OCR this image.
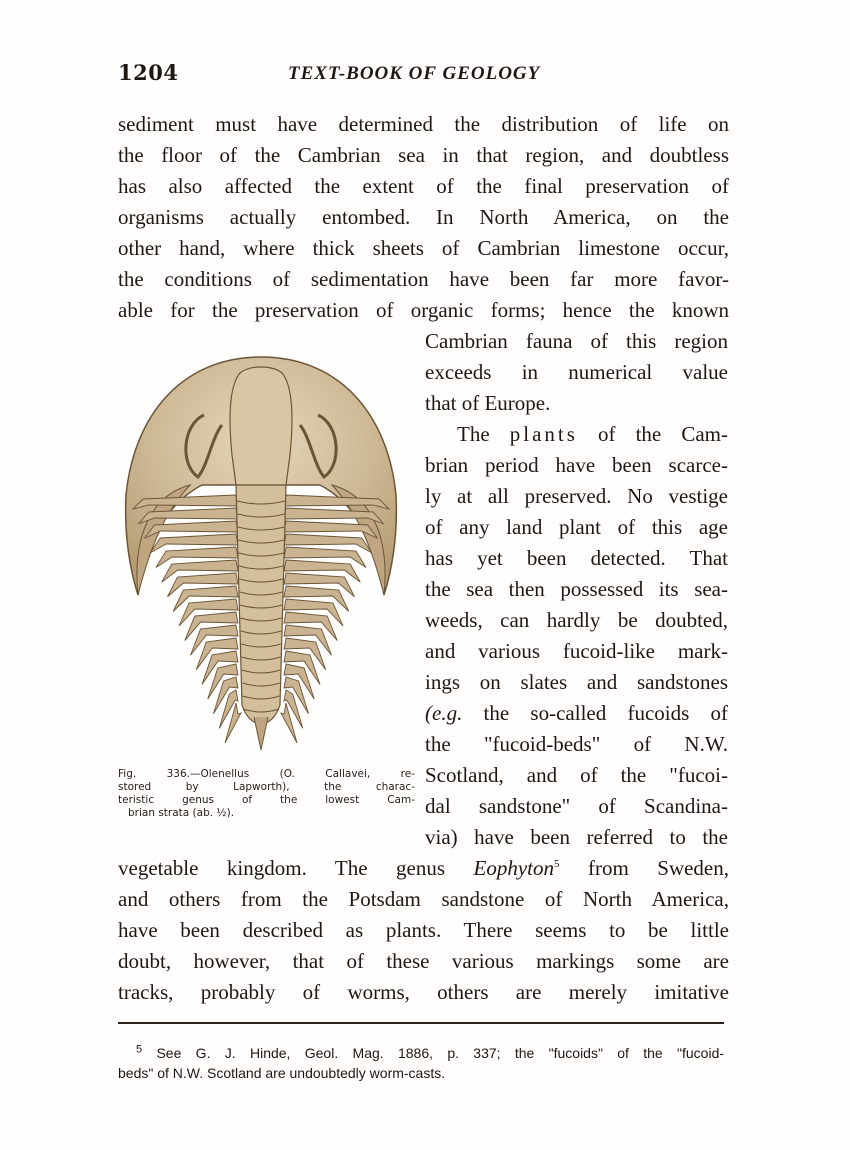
1204	TEXT-BOOK OF GEOLOGY
sediment must have determined the distribution of life on
the floor of the Cambrian sea in that region, and doubtless
has also affected the extent of the final preservation of
organisms actually entombed. In North America, on the
other hand, where thick sheets of Cambrian limestone occur,
the conditions of sedimentation have been far more favor-
able for the preservation of organic forms; hence the known
Cambrian fauna of this region
exceeds in numerical value
that of Europe.
The plants of the Cam-
brian period have been scarce-
ly at all preserved. No vestige
of any land plant of this age
has yet been detected. That
the sea then possessed its sea-
weeds, can hardly be doubted,
and various fucoid-like mark-
ings on slates and sandstones
(e.g. the so-called fucoids of
the "fucoid-beds" of N.W.
Scotland, and of the "fucoi-
dal sandstone" of Scandina-
via) have been referred to the
vegetable kingdom. The genus Eophyton$^5$ from Sweden,
and others from the Potsdam sandstone of North America,
have been described as plants. There seems to be little
doubt, however, that of these various markings some are
tracks, probably of worms, others are merely imitative
Fig. 336.—Olenellus (O. Callavei, re-
stored by Lapworth), the charac-
teristic genus of the lowest Cam-
brian strata (ab. ½).
$^5$ See G. J. Hinde, Geol. Mag. 1886, p. 337; the "fucoids" of the "fucoid-
beds" of N.W. Scotland are undoubtedly worm-casts.
